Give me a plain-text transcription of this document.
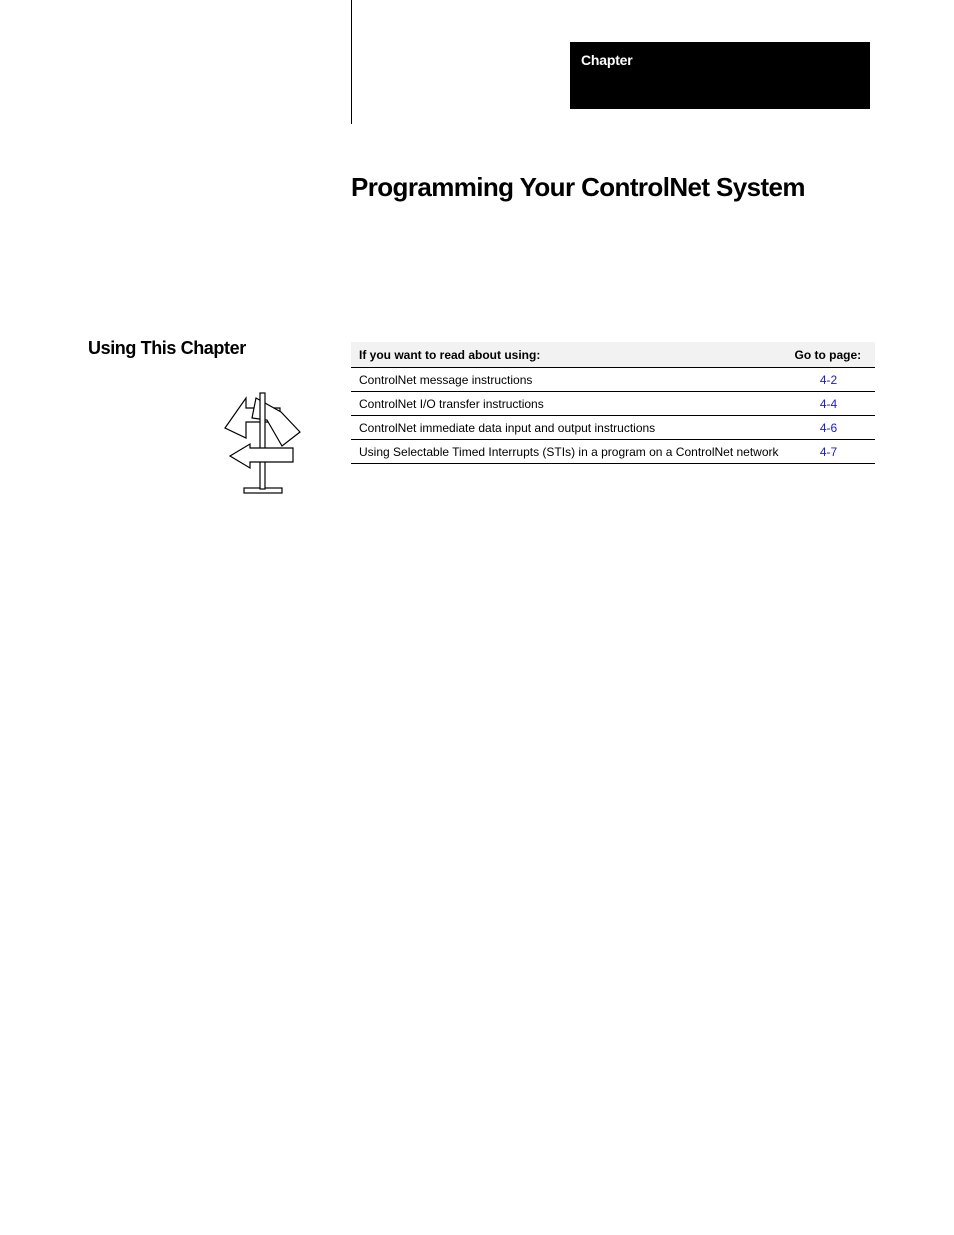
Chapter
Programming Your ControlNet System
Using This Chapter	If you want to read about using:	Go to page:
ControlNet message instructions	4-2
ControlNet I/O transfer instructions	4-4
ControlNet immediate data input and output instructions	4-6
Using Selectable Timed Interrupts (STIs) in a program on a ControlNet network	4-7
